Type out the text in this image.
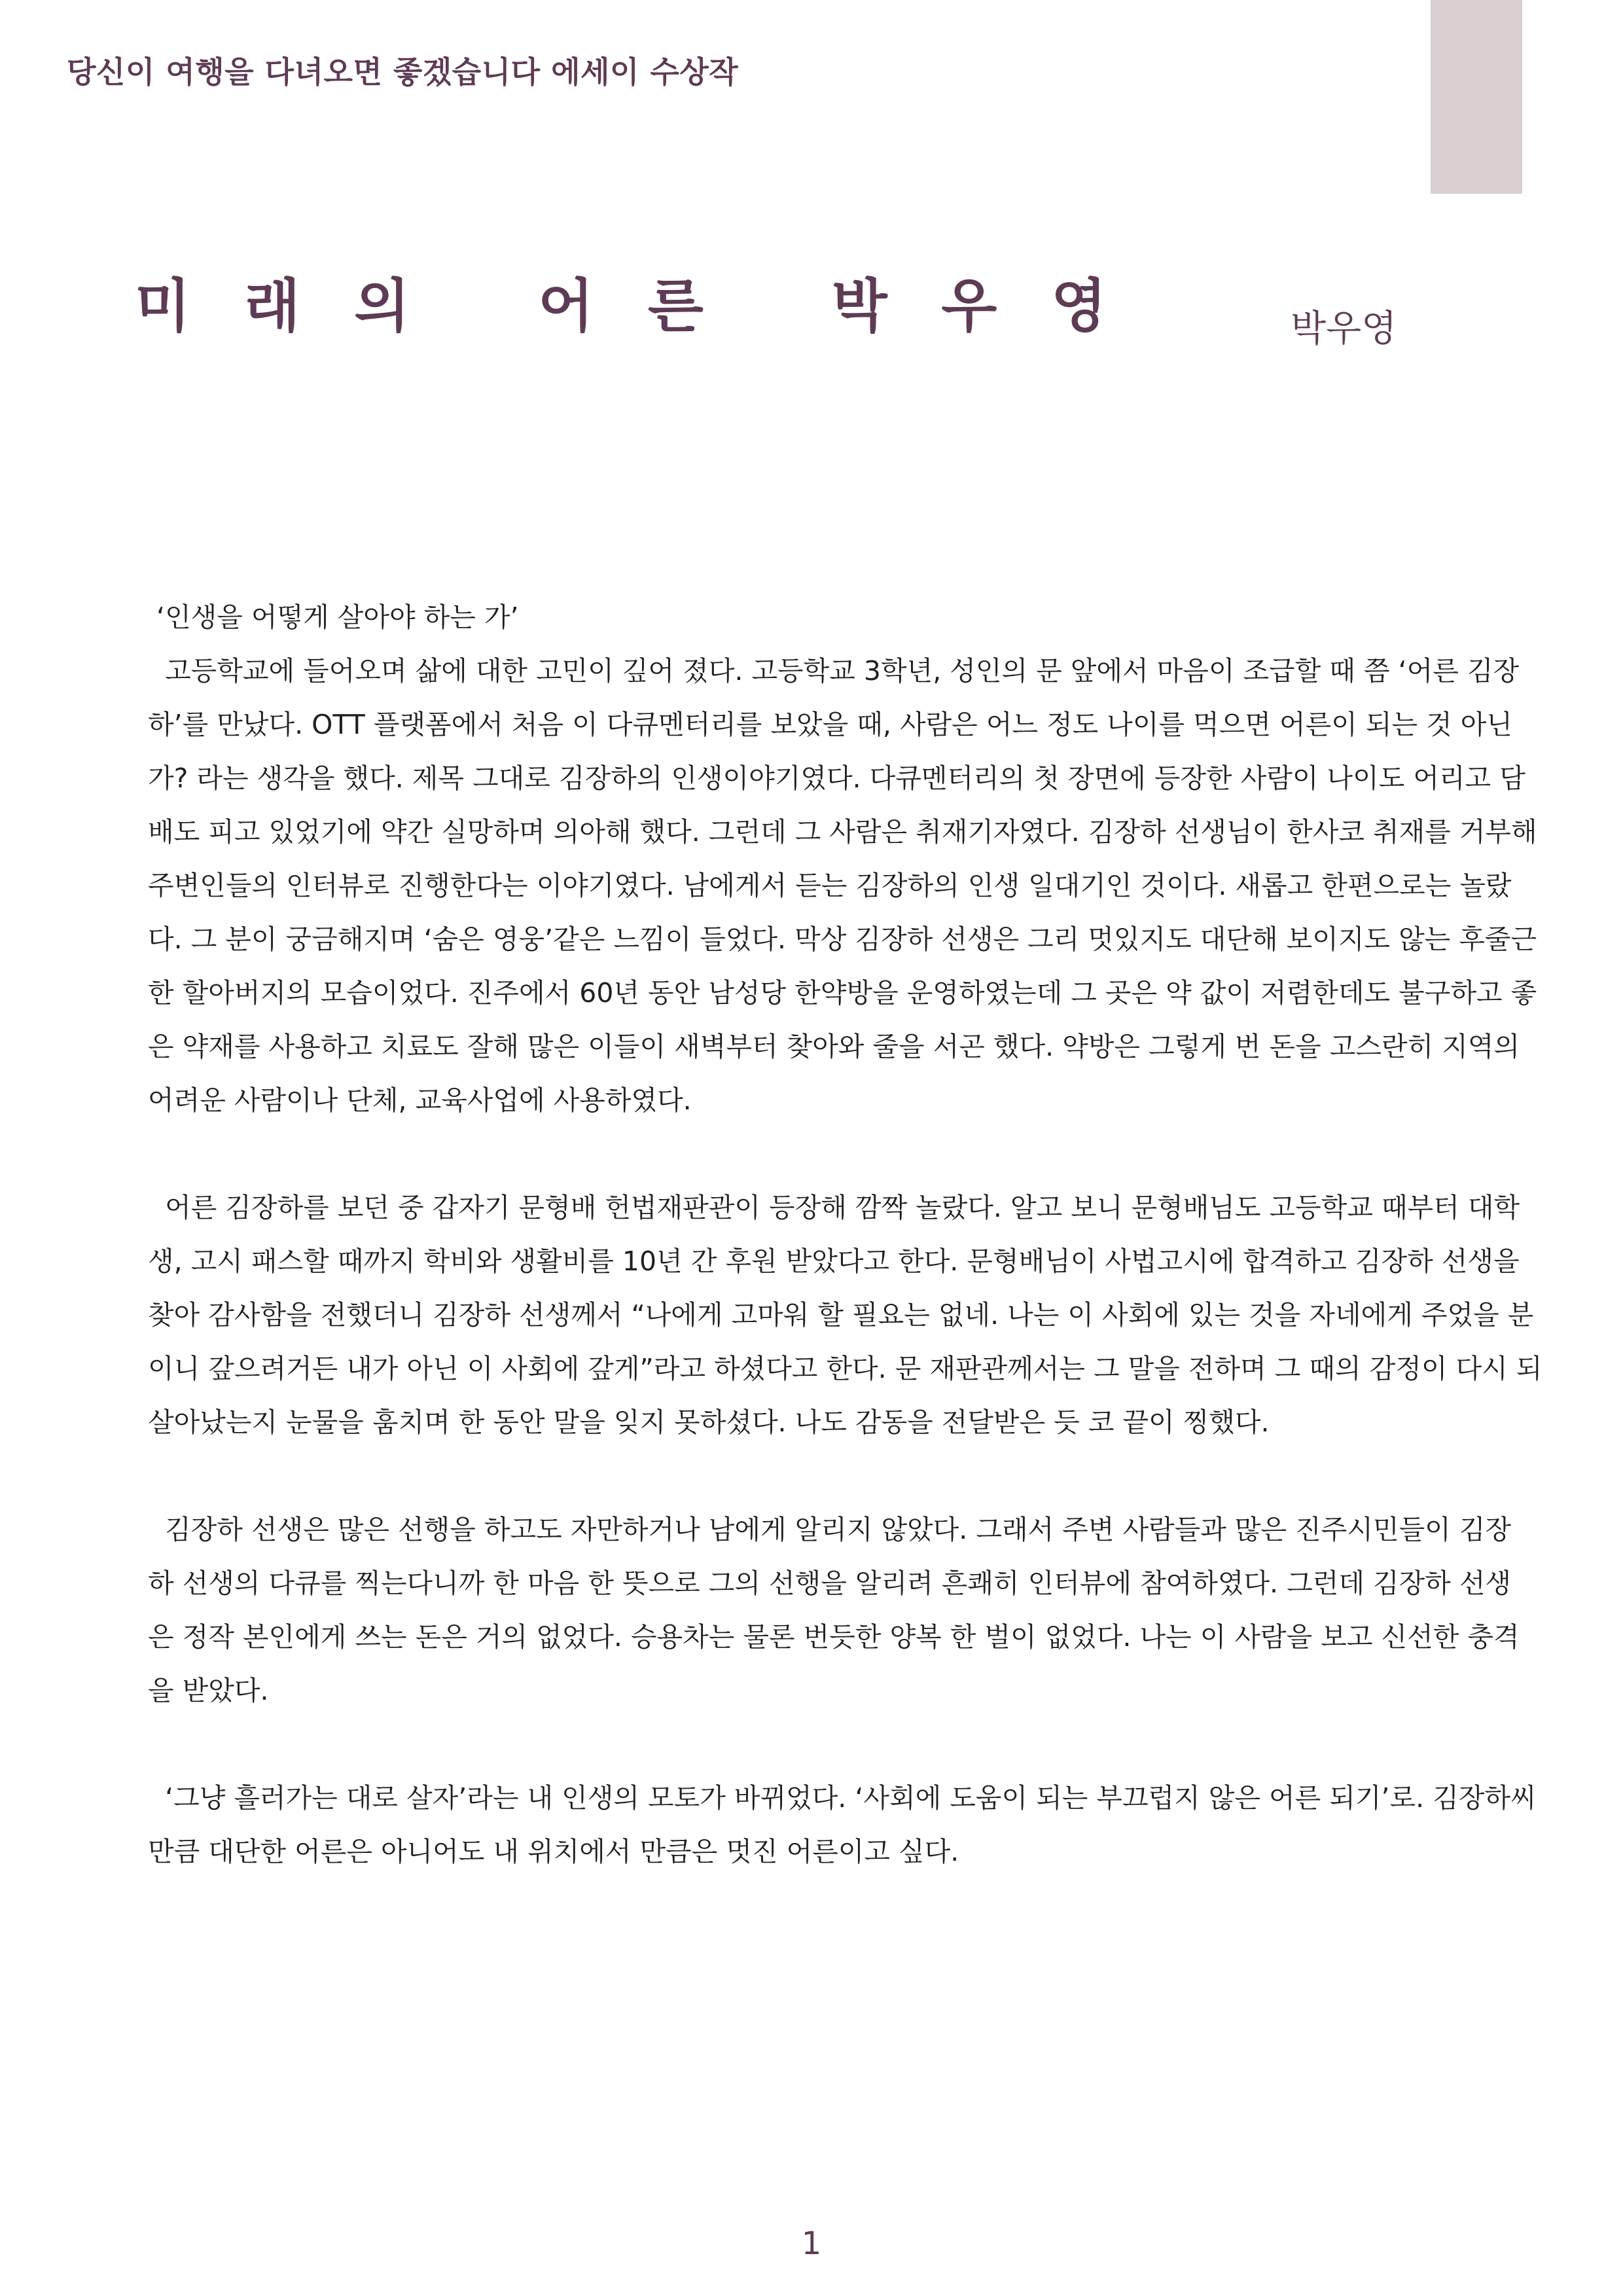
당신이 여행을 다녀오면 좋겠습니다 에세이 수상작
미 래 의   어 른   박 우 영	박우영

‘인생을 어떻게 살아야 하는 가’
고등학교에 들어오며 삶에 대한 고민이 깊어 졌다. 고등학교 3학년, 성인의 문 앞에서 마음이 조급할 때 쯤 ‘어른 김장
하’를 만났다. OTT 플랫폼에서 처음 이 다큐멘터리를 보았을 때, 사람은 어느 정도 나이를 먹으면 어른이 되는 것 아닌
가? 라는 생각을 했다. 제목 그대로 김장하의 인생이야기였다. 다큐멘터리의 첫 장면에 등장한 사람이 나이도 어리고 담
배도 피고 있었기에 약간 실망하며 의아해 했다. 그런데 그 사람은 취재기자였다. 김장하 선생님이 한사코 취재를 거부해
주변인들의 인터뷰로 진행한다는 이야기였다. 남에게서 듣는 김장하의 인생 일대기인 것이다. 새롭고 한편으로는 놀랐
다. 그 분이 궁금해지며 ‘숨은 영웅’같은 느낌이 들었다. 막상 김장하 선생은 그리 멋있지도 대단해 보이지도 않는 후줄근
한 할아버지의 모습이었다. 진주에서 60년 동안 남성당 한약방을 운영하였는데 그 곳은 약 값이 저렴한데도 불구하고 좋
은 약재를 사용하고 치료도 잘해 많은 이들이 새벽부터 찾아와 줄을 서곤 했다. 약방은 그렇게 번 돈을 고스란히 지역의
어려운 사람이나 단체, 교육사업에 사용하였다.

어른 김장하를 보던 중 갑자기 문형배 헌법재판관이 등장해 깜짝 놀랐다. 알고 보니 문형배님도 고등학교 때부터 대학
생, 고시 패스할 때까지 학비와 생활비를 10년 간 후원 받았다고 한다. 문형배님이 사법고시에 합격하고 김장하 선생을
찾아 감사함을 전했더니 김장하 선생께서 “나에게 고마워 할 필요는 없네. 나는 이 사회에 있는 것을 자네에게 주었을 분
이니 갚으려거든 내가 아닌 이 사회에 갚게”라고 하셨다고 한다. 문 재판관께서는 그 말을 전하며 그 때의 감정이 다시 되
살아났는지 눈물을 훔치며 한 동안 말을 잊지 못하셨다. 나도 감동을 전달받은 듯 코 끝이 찡했다.

김장하 선생은 많은 선행을 하고도 자만하거나 남에게 알리지 않았다. 그래서 주변 사람들과 많은 진주시민들이 김장
하 선생의 다큐를 찍는다니까 한 마음 한 뜻으로 그의 선행을 알리려 흔쾌히 인터뷰에 참여하였다. 그런데 김장하 선생
은 정작 본인에게 쓰는 돈은 거의 없었다. 승용차는 물론 번듯한 양복 한 벌이 없었다. 나는 이 사람을 보고 신선한 충격
을 받았다.

‘그냥 흘러가는 대로 살자’라는 내 인생의 모토가 바뀌었다. ‘사회에 도움이 되는 부끄럽지 않은 어른 되기’로. 김장하씨
만큼 대단한 어른은 아니어도 내 위치에서 만큼은 멋진 어른이고 싶다.

1
